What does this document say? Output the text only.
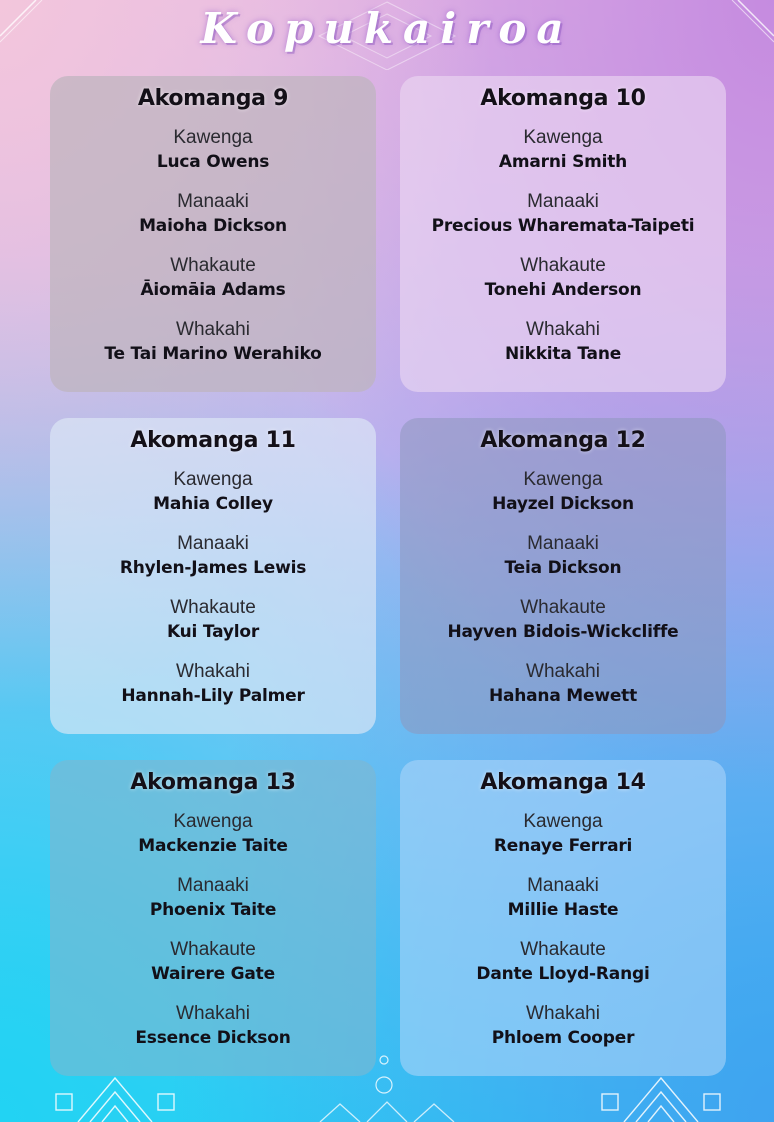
Kopukairoa
Akomanga 9
Kawenga
Luca Owens
Manaaki
Maioha Dickson
Whakaute
Āiomāia Adams
Whakahi
Te Tai Marino Werahiko
Akomanga 10
Kawenga
Amarni Smith
Manaaki
Precious Wharemata-Taipeti
Whakaute
Tonehi Anderson
Whakahi
Nikkita Tane
Akomanga 11
Kawenga
Mahia Colley
Manaaki
Rhylen-James Lewis
Whakaute
Kui Taylor
Whakahi
Hannah-Lily Palmer
Akomanga 12
Kawenga
Hayzel Dickson
Manaaki
Teia Dickson
Whakaute
Hayven Bidois-Wickcliffe
Whakahi
Hahana Mewett
Akomanga 13
Kawenga
Mackenzie Taite
Manaaki
Phoenix Taite
Whakaute
Wairere Gate
Whakahi
Essence Dickson
Akomanga 14
Kawenga
Renaye Ferrari
Manaaki
Millie Haste
Whakaute
Dante Lloyd-Rangi
Whakahi
Phloem Cooper
